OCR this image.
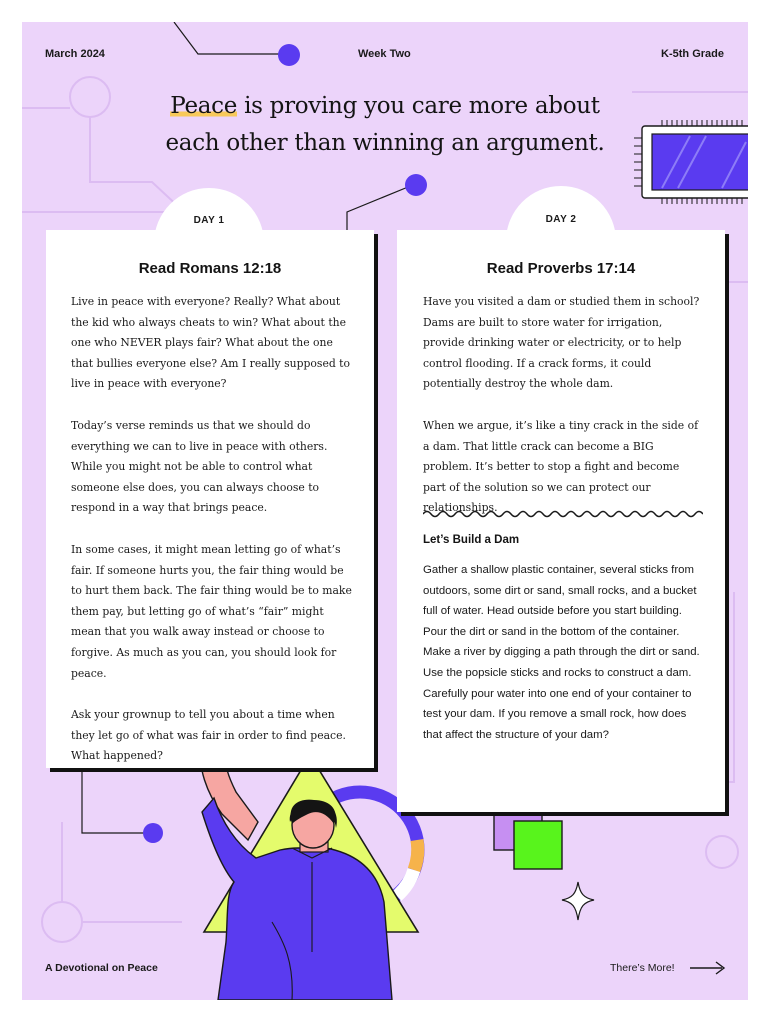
March 2024	Week Two	K-5th Grade
Peace is proving you care more about
each other than winning an argument.
DAY 1	DAY 2
Read Romans 12:18

Live in peace with everyone? Really? What about the kid who always cheats to win? What about the one who NEVER plays fair? What about the one that bullies everyone else? Am I really supposed to live in peace with everyone?

Today’s verse reminds us that we should do everything we can to live in peace with others. While you might not be able to control what someone else does, you can always choose to respond in a way that brings peace.

In some cases, it might mean letting go of what’s fair. If someone hurts you, the fair thing would be to hurt them back. The fair thing would be to make them pay, but letting go of what’s “fair” might mean that you walk away instead or choose to forgive. As much as you can, you should look for peace.

Ask your grownup to tell you about a time when they let go of what was fair in order to find peace. What happened?

Read Proverbs 17:14

Have you visited a dam or studied them in school? Dams are built to store water for irrigation, provide drinking water or electricity, or to help control flooding. If a crack forms, it could potentially destroy the whole dam.

When we argue, it’s like a tiny crack in the side of a dam. That little crack can become a BIG problem. It’s better to stop a fight and become part of the solution so we can protect our relationships.

Let’s Build a Dam

Gather a shallow plastic container, several sticks from outdoors, some dirt or sand, small rocks, and a bucket full of water. Head outside before you start building. Pour the dirt or sand in the bottom of the container. Make a river by digging a path through the dirt or sand. Use the popsicle sticks and rocks to construct a dam. Carefully pour water into one end of your container to test your dam. If you remove a small rock, how does that affect the structure of your dam?

A Devotional on Peace	There’s More!
